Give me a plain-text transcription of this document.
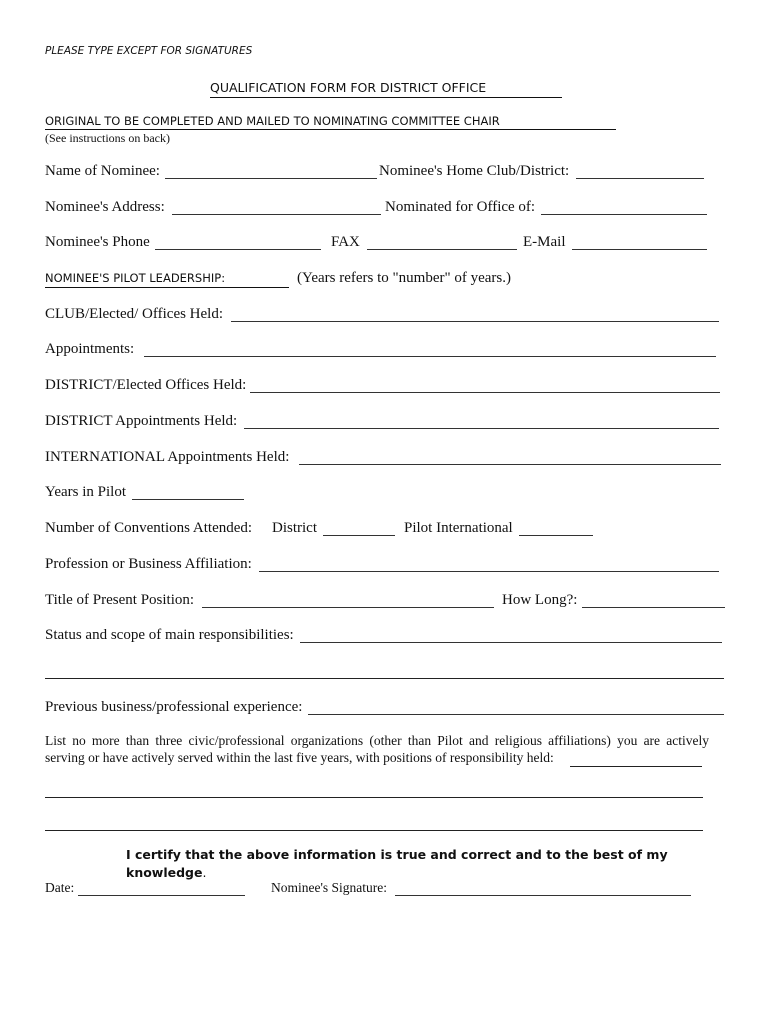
PLEASE TYPE EXCEPT FOR SIGNATURES
QUALIFICATION FORM FOR DISTRICT OFFICE
ORIGINAL TO BE COMPLETED AND MAILED TO NOMINATING COMMITTEE CHAIR
(See instructions on back)
Name of Nominee:	Nominee's Home Club/District:
Nominee's Address:	Nominated for Office of:
Nominee's Phone	FAX	E-Mail
NOMINEE'S PILOT LEADERSHIP:	(Years refers to "number" of years.)
CLUB/Elected/ Offices Held:
Appointments:
DISTRICT/Elected Offices Held:
DISTRICT Appointments Held:
INTERNATIONAL Appointments Held:
Years in Pilot
Number of Conventions Attended: District	Pilot International
Profession or Business Affiliation:
Title of Present Position:	How Long?:
Status and scope of main responsibilities:
Previous business/professional experience:
List no more than three civic/professional organizations (other than Pilot and religious affiliations) you are actively
serving or have actively served within the last five years, with positions of responsibility held:
I certify that the above information is true and correct and to the best of my
knowledge.
Date:	Nominee's Signature:
